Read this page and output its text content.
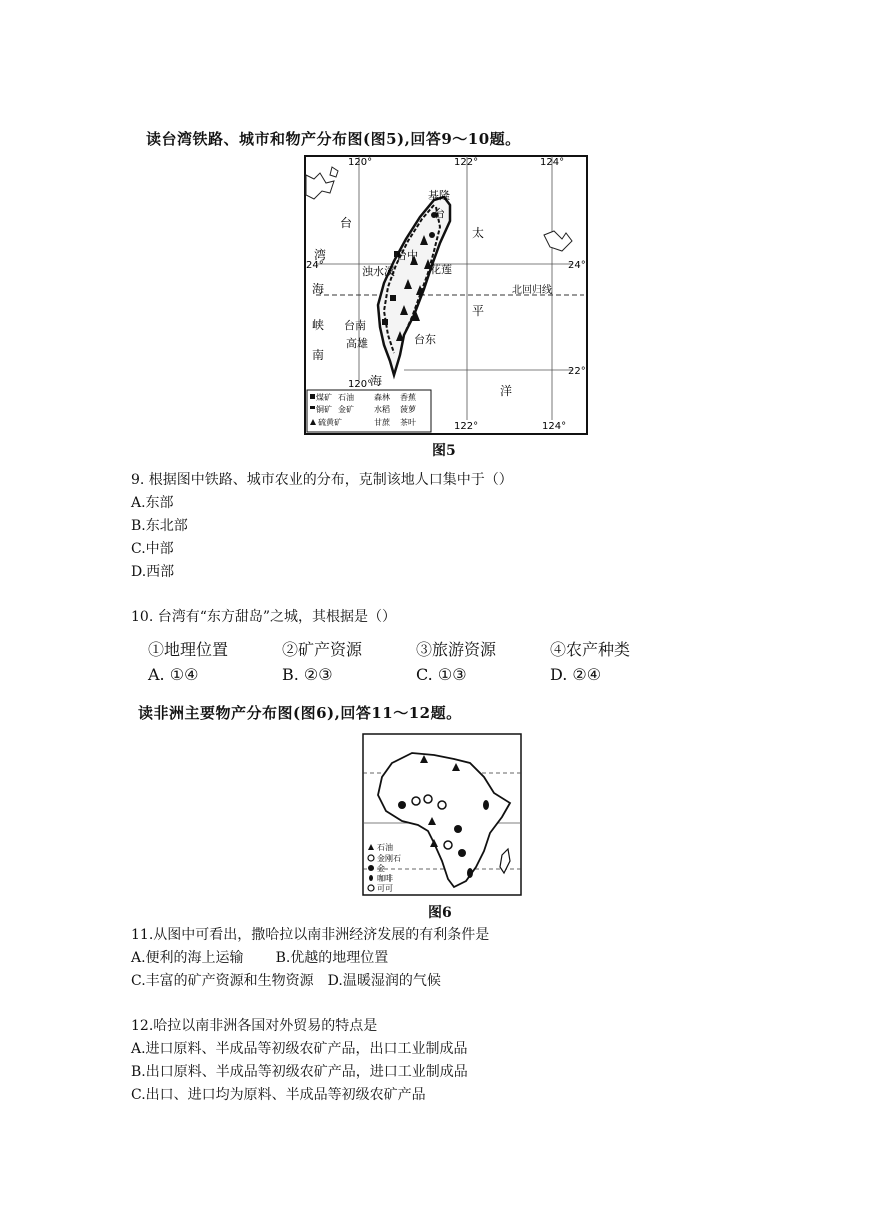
读台湾铁路、城市和物产分布图(图5),回答9～10题。
120°	122°	124°
120°
122°	124°
24°	24°
22°
北回归线
基隆
台中
浊水溪	花莲
台南
高雄	台东
台
湾
海
峡
太
平
洋
南
海
台
煤矿 石油	森林 香蕉
铜矿 金矿	水稻 菠萝
硫黄矿	甘蔗 茶叶
图5
9. 根据图中铁路、城市农业的分布，克制该地人口集中于（）
A.东部
B.东北部
C.中部
D.西部
10. 台湾有“东方甜岛”之城，其根据是（）
①地理位置	②矿产资源	③旅游资源	④农产种类
A. ①④	B. ②③	C. ①③	D. ②④
读非洲主要物产分布图(图6),回答11～12题。
石油
金刚石
金
咖啡
可可
图6
11.从图中可看出，撒哈拉以南非洲经济发展的有利条件是
A.便利的海上运输 B.优越的地理位置
C.丰富的矿产资源和生物资源 D.温暖湿润的气候
12.哈拉以南非洲各国对外贸易的特点是
A.进口原料、半成品等初级农矿产品，出口工业制成品
B.出口原料、半成品等初级农矿产品，进口工业制成品
C.出口、进口均为原料、半成品等初级农矿产品
